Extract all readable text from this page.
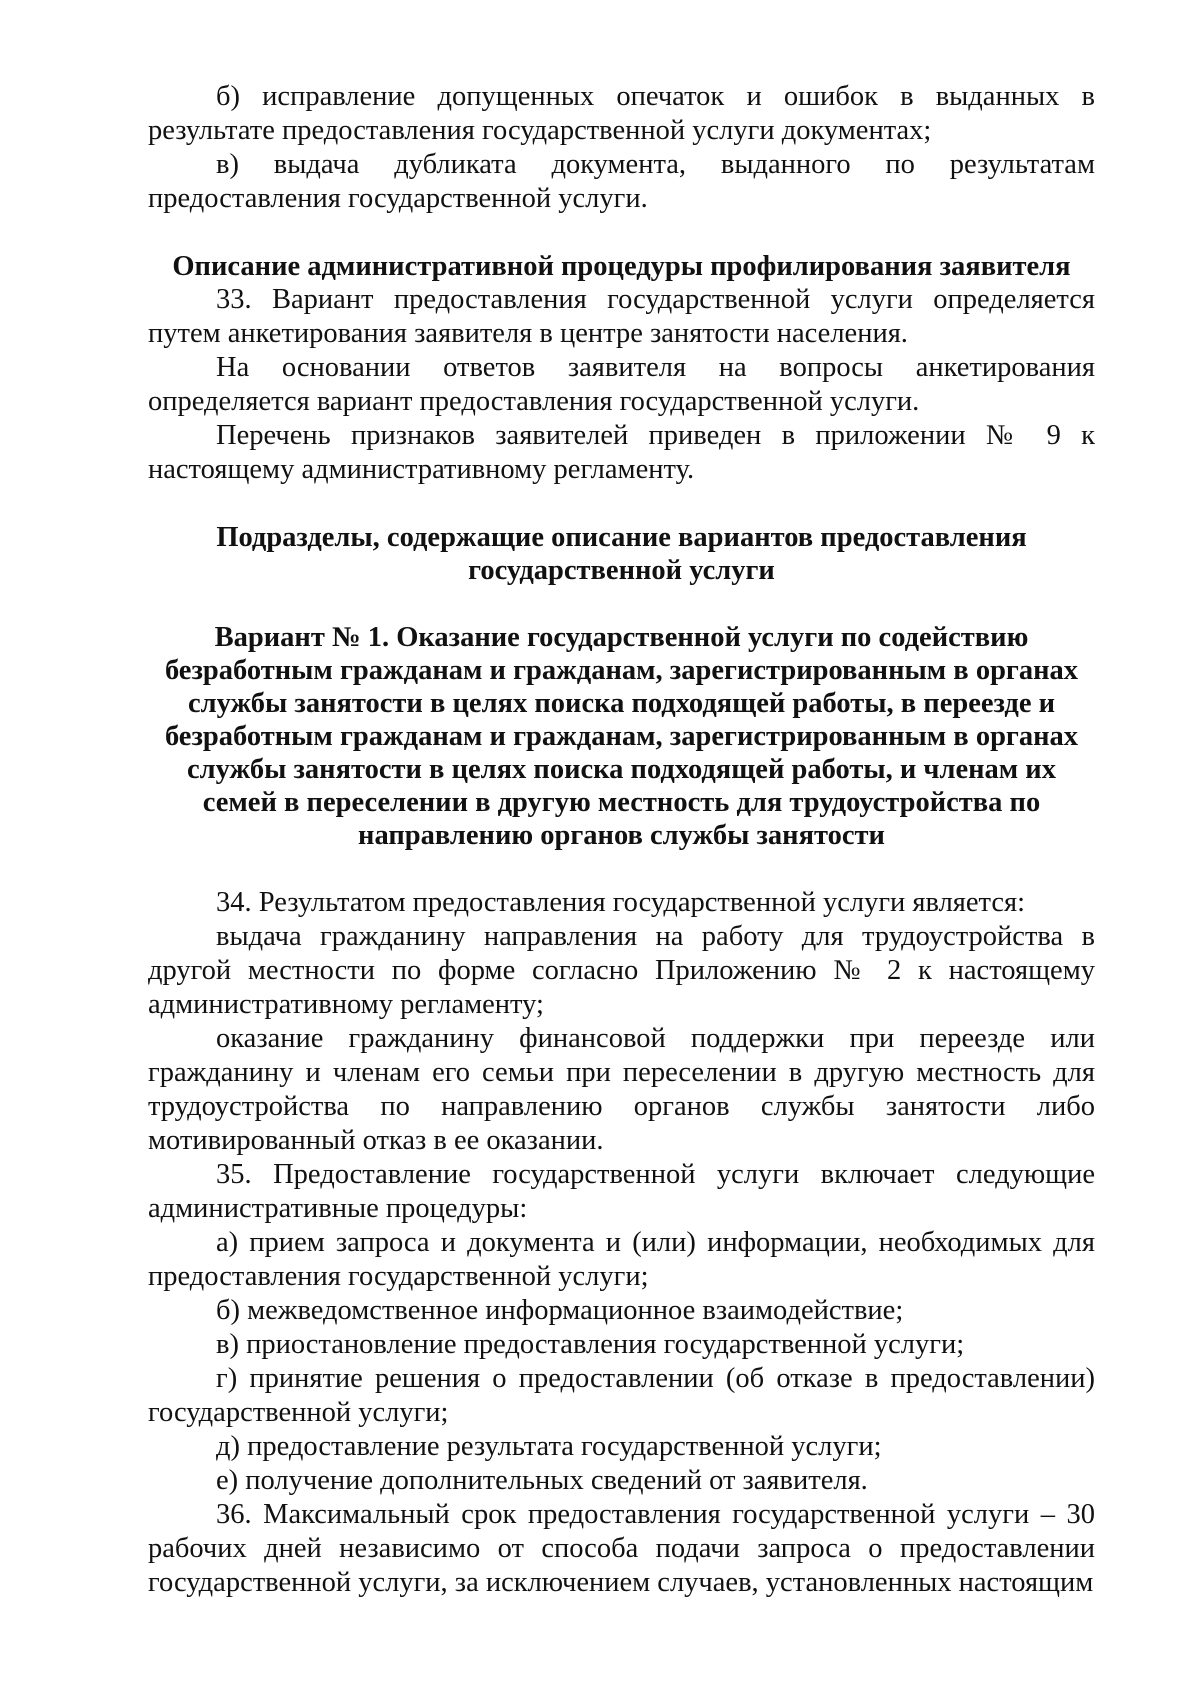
б) исправление допущенных опечаток и ошибок в выданных в результате предоставления государственной услуги документах;

в) выдача дубликата документа, выданного по результатам предоставления государственной услуги.

Описание административной процедуры профилирования заявителя

33. Вариант предоставления государственной услуги определяется путем анкетирования заявителя в центре занятости населения.

На основании ответов заявителя на вопросы анкетирования определяется вариант предоставления государственной услуги.

Перечень признаков заявителей приведен в приложении № 9 к настоящему административному регламенту.

Подразделы, содержащие описание вариантов предоставления государственной услуги
Вариант № 1. Оказание государственной услуги по содействию безработным гражданам и гражданам, зарегистрированным в органах службы занятости в целях поиска подходящей работы, в переезде и безработным гражданам и гражданам, зарегистрированным в органах службы занятости в целях поиска подходящей работы, и членам их семей в переселении в другую местность для трудоустройства по направлению органов службы занятости

34. Результатом предоставления государственной услуги является:

выдача гражданину направления на работу для трудоустройства в другой местности по форме согласно Приложению № 2 к настоящему административному регламенту;

оказание гражданину финансовой поддержки при переезде или гражданину и членам его семьи при переселении в другую местность для трудоустройства по направлению органов службы занятости либо мотивированный отказ в ее оказании.

35. Предоставление государственной услуги включает следующие административные процедуры:

а) прием запроса и документа и (или) информации, необходимых для предоставления государственной услуги;

б) межведомственное информационное взаимодействие;

в) приостановление предоставления государственной услуги;

г) принятие решения о предоставлении (об отказе в предоставлении) государственной услуги;

д) предоставление результата государственной услуги;

е) получение дополнительных сведений от заявителя.

36. Максимальный срок предоставления государственной услуги – 30 рабочих дней независимо от способа подачи запроса о предоставлении государственной услуги, за исключением случаев, установленных настоящим
